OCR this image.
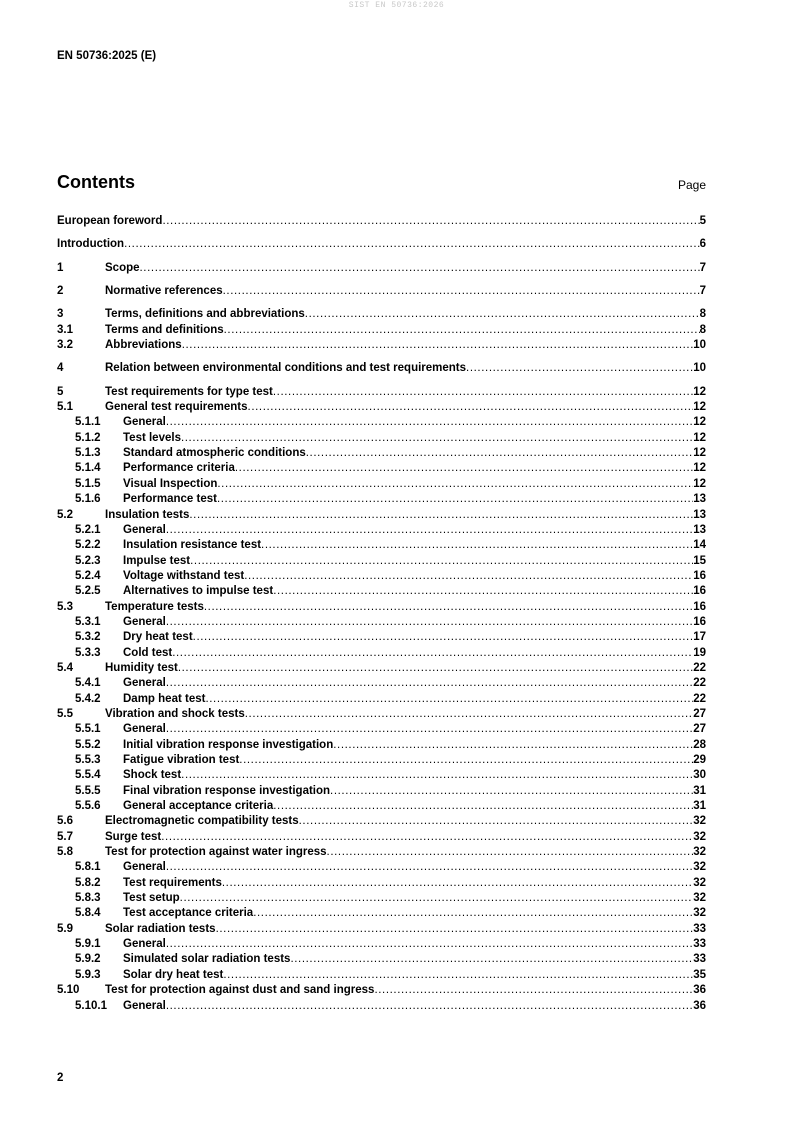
SIST EN 50736:2026
EN 50736:2025 (E)
Contents	Page
European foreword .....	5
Introduction .....	6
1	Scope .....	7
2	Normative references .....	7
3	Terms, definitions and abbreviations .....	8
3.1	Terms and definitions .....	8
3.2	Abbreviations .....	10
4	Relation between environmental conditions and test requirements .....	10
5	Test requirements for type test .....	12
5.1	General test requirements .....	12
5.1.1	General .....	12
5.1.2	Test levels .....	12
5.1.3	Standard atmospheric conditions .....	12
5.1.4	Performance criteria .....	12
5.1.5	Visual Inspection .....	12
5.1.6	Performance test .....	13
5.2	Insulation tests .....	13
5.2.1	General .....	13
5.2.2	Insulation resistance test .....	14
5.2.3	Impulse test .....	15
5.2.4	Voltage withstand test .....	16
5.2.5	Alternatives to impulse test .....	16
5.3	Temperature tests .....	16
5.3.1	General .....	16
5.3.2	Dry heat test .....	17
5.3.3	Cold test .....	19
5.4	Humidity test .....	22
5.4.1	General .....	22
5.4.2	Damp heat test .....	22
5.5	Vibration and shock tests .....	27
5.5.1	General .....	27
5.5.2	Initial vibration response investigation .....	28
5.5.3	Fatigue vibration test .....	29
5.5.4	Shock test .....	30
5.5.5	Final vibration response investigation .....	31
5.5.6	General acceptance criteria .....	31
5.6	Electromagnetic compatibility tests .....	32
5.7	Surge test .....	32
5.8	Test for protection against water ingress .....	32
5.8.1	General .....	32
5.8.2	Test requirements .....	32
5.8.3	Test setup .....	32
5.8.4	Test acceptance criteria .....	32
5.9	Solar radiation tests .....	33
5.9.1	General .....	33
5.9.2	Simulated solar radiation tests .....	33
5.9.3	Solar dry heat test .....	35
5.10	Test for protection against dust and sand ingress .....	36
5.10.1	General .....	36
2
